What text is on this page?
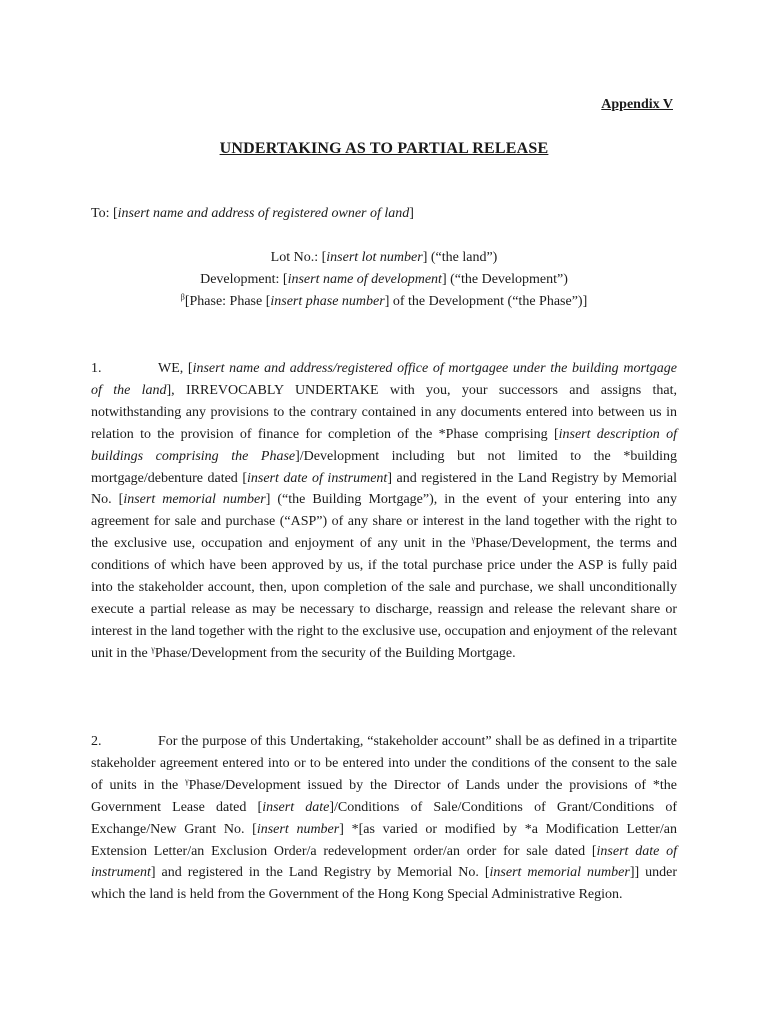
Appendix V
UNDERTAKING AS TO PARTIAL RELEASE
To: [insert name and address of registered owner of land]
Lot No.: [insert lot number] (“the land”)
Development: [insert name of development] (“the Development”)
$^\beta$[Phase: Phase [insert phase number] of the Development (“the Phase”)]
1.	WE, [insert name and address/registered office of mortgagee under the building mortgage of the land], IRREVOCABLY UNDERTAKE with you, your successors and assigns that, notwithstanding any provisions to the contrary contained in any documents entered into between us in relation to the provision of finance for completion of the *Phase comprising [insert description of buildings comprising the Phase]/Development including but not limited to the *building mortgage/debenture dated [insert date of instrument] and registered in the Land Registry by Memorial No. [insert memorial number] (“the Building Mortgage”), in the event of your entering into any agreement for sale and purchase (“ASP”) of any share or interest in the land together with the right to the exclusive use, occupation and enjoyment of any unit in the $^\gamma$Phase/Development, the terms and conditions of which have been approved by us, if the total purchase price under the ASP is fully paid into the stakeholder account, then, upon completion of the sale and purchase, we shall unconditionally execute a partial release as may be necessary to discharge, reassign and release the relevant share or interest in the land together with the right to the exclusive use, occupation and enjoyment of the relevant unit in the $^\gamma$Phase/Development from the security of the Building Mortgage.
2.	For the purpose of this Undertaking, “stakeholder account” shall be as defined in a tripartite stakeholder agreement entered into or to be entered into under the conditions of the consent to the sale of units in the $^\gamma$Phase/Development issued by the Director of Lands under the provisions of *the Government Lease dated [insert date]/Conditions of Sale/Conditions of Grant/Conditions of Exchange/New Grant No. [insert number] *[as varied or modified by *a Modification Letter/an Extension Letter/an Exclusion Order/a redevelopment order/an order for sale dated [insert date of instrument] and registered in the Land Registry by Memorial No. [insert memorial number]] under which the land is held from the Government of the Hong Kong Special Administrative Region.
